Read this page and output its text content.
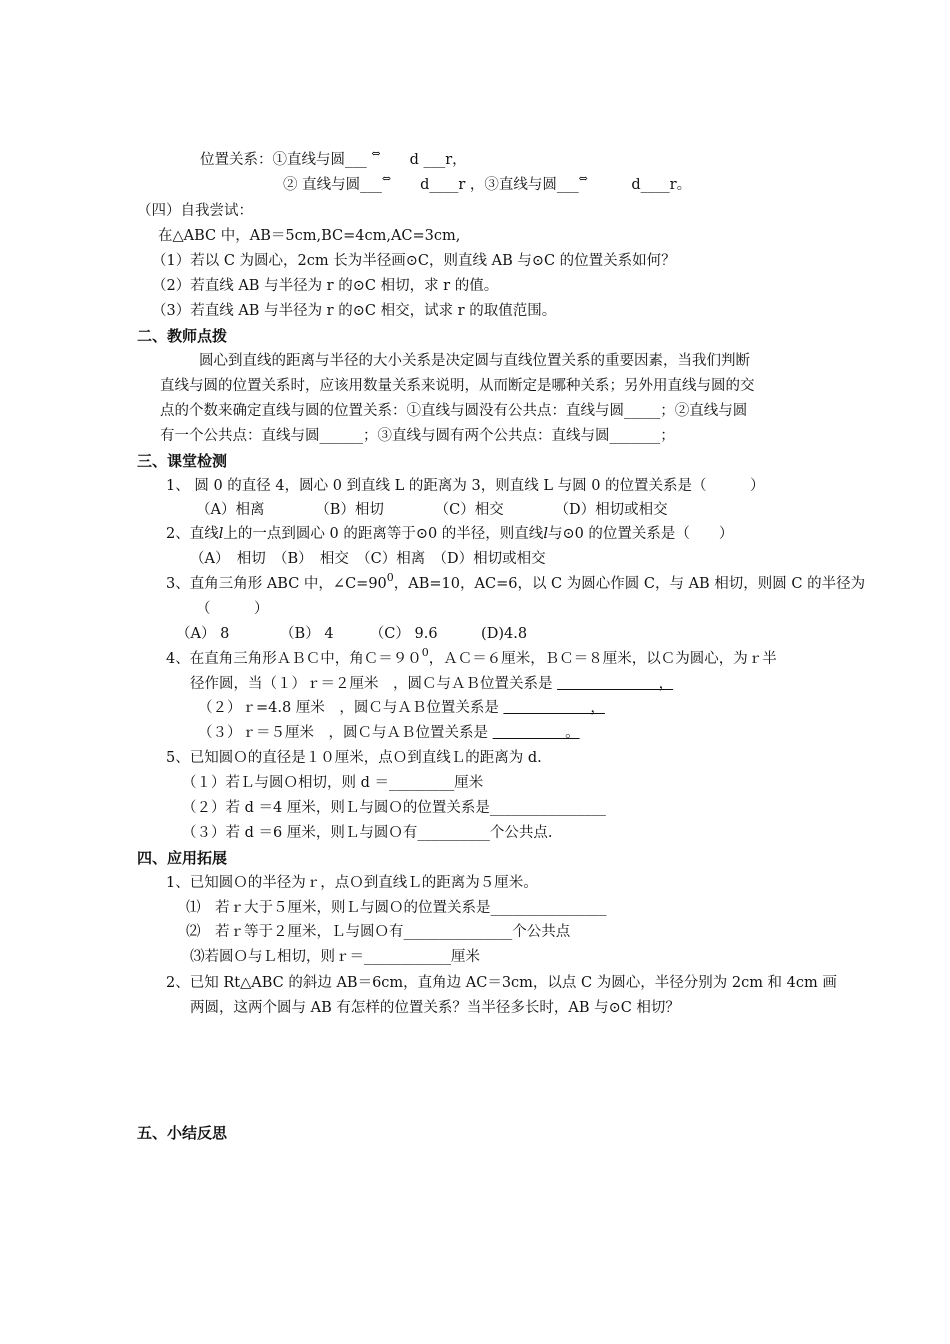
位置关系：①直线与圆___ ⇔　　d ___r，
② 直线与圆___⇔　　d____r ，③直线与圆___⇔　　　d____r。
（四）自我尝试：
在△ABC 中，AB＝5cm,BC=4cm,AC=3cm,
（1）若以 C 为圆心，2cm 长为半径画⊙C，则直线 AB 与⊙C 的位置关系如何？
（2）若直线 AB 与半径为 r 的⊙C 相切，求 r 的值。
（3）若直线 AB 与半径为 r 的⊙C 相交，试求 r 的取值范围。
二、教师点拨
圆心到直线的距离与半径的大小关系是决定圆与直线位置关系的重要因素，当我们判断
直线与圆的位置关系时，应该用数量关系来说明，从而断定是哪种关系；另外用直线与圆的交
点的个数来确定直线与圆的位置关系：①直线与圆没有公共点：直线与圆_____；②直线与圆
有一个公共点：直线与圆______；③直线与圆有两个公共点：直线与圆_______；
三、课堂检测
1、 圆 0 的直径 4，圆心 0 到直线 L 的距离为 3，则直线 L 与圆 0 的位置关系是（　　　）
（A）相离　　　　（B）相切　　　　（C）相交　　　　（D）相切或相交
2、直线l上的一点到圆心 0 的距离等于⊙0 的半径，则直线l与⊙0 的位置关系是（　　）
（A）　相切　（B）　相交　（C）相离　（D）相切或相交
3、直角三角形 ABC 中，$\angle C=90^0$，AB=10，AC=6，以 C 为圆心作圆 C，与 AB 相切，则圆 C 的半径为
（　　　）
（A） 8　　　　（B） 4　　　（C） 9.6　　　(D)4.8
4、在直角三角形ＡＢＣ中，角$C=90^0$，ＡＣ＝６厘米，ＢＣ＝８厘米，以Ｃ为圆心，为ｒ半
径作圆，当（１）ｒ＝２厘米　，圆Ｃ与ＡＢ位置关系是 　　　　　　　，
（２）ｒ=4.8 厘米　，圆Ｃ与ＡＢ位置关系是 　　　　　　，
（３）ｒ＝５厘米　，圆Ｃ与ＡＢ位置关系是 　　　　　。
5、已知圆Ｏ的直径是１０厘米，点Ｏ到直线Ｌ的距离为 d.
（１）若Ｌ与圆Ｏ相切，则 d ＝_________厘米
（２）若 d ＝4 厘米，则Ｌ与圆Ｏ的位置关系是________________
（３）若 d ＝6 厘米，则Ｌ与圆Ｏ有__________个公共点.
四、应用拓展
1、已知圆Ｏ的半径为ｒ，点Ｏ到直线Ｌ的距离为５厘米。
⑴　若ｒ大于５厘米，则Ｌ与圆Ｏ的位置关系是________________
⑵　若ｒ等于２厘米，Ｌ与圆Ｏ有_______________个公共点
⑶若圆Ｏ与Ｌ相切，则ｒ＝____________厘米
2、已知 Rt△ABC 的斜边 AB＝6cm，直角边 AC＝3cm，以点 C 为圆心，半径分别为 2cm 和 4cm 画
两圆，这两个圆与 AB 有怎样的位置关系？当半径多长时，AB 与⊙C 相切？
五、小结反思
